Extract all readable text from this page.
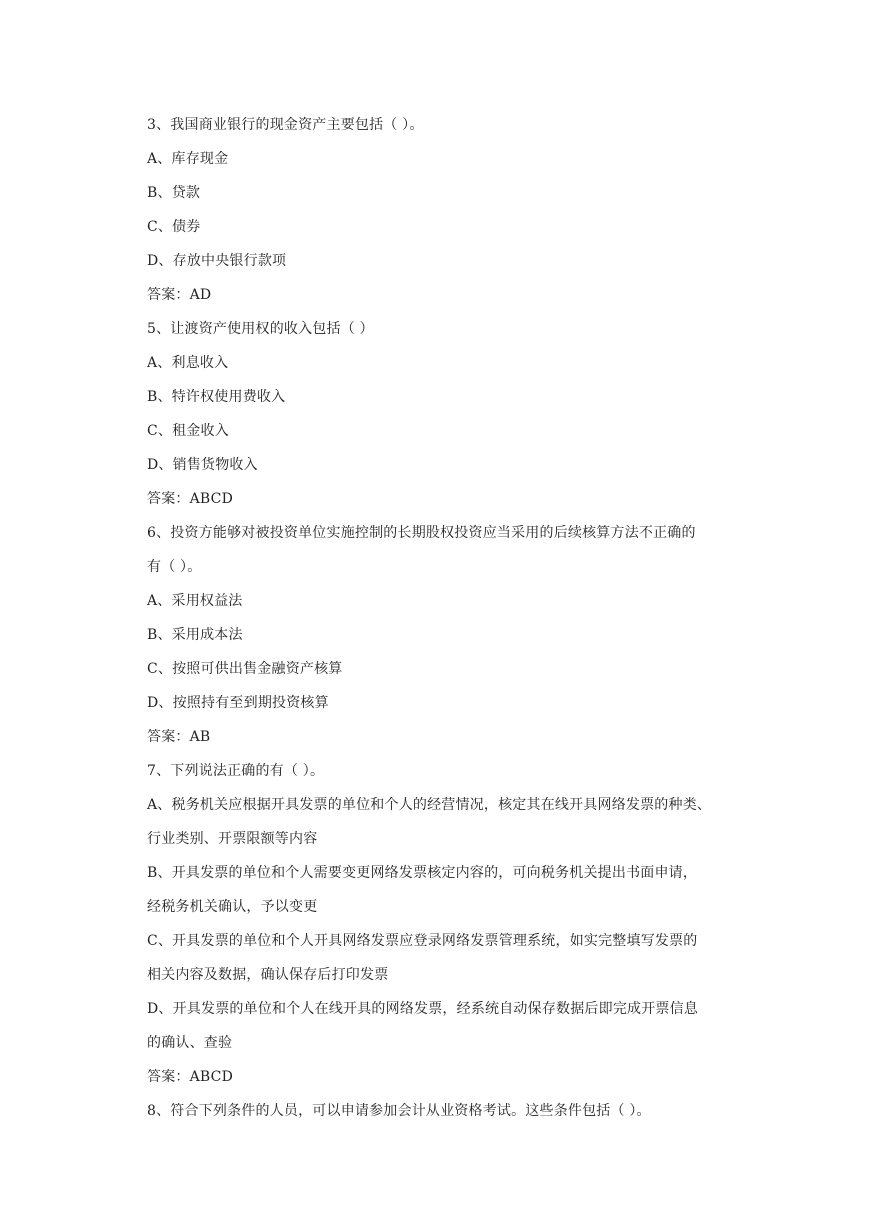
3、我国商业银行的现金资产主要包括（ ）。
A、库存现金
B、贷款
C、债券
D、存放中央银行款项
答案：AD
5、让渡资产使用权的收入包括（ ）
A、利息收入
B、特许权使用费收入
C、租金收入
D、销售货物收入
答案：ABCD
6、投资方能够对被投资单位实施控制的长期股权投资应当采用的后续核算方法不正确的
有（ ）。
A、采用权益法
B、采用成本法
C、按照可供出售金融资产核算
D、按照持有至到期投资核算
答案：AB
7、下列说法正确的有（ ）。
A、税务机关应根据开具发票的单位和个人的经营情况，核定其在线开具网络发票的种类、
行业类别、开票限额等内容
B、开具发票的单位和个人需要变更网络发票核定内容的，可向税务机关提出书面申请，
经税务机关确认，予以变更
C、开具发票的单位和个人开具网络发票应登录网络发票管理系统，如实完整填写发票的
相关内容及数据，确认保存后打印发票
D、开具发票的单位和个人在线开具的网络发票，经系统自动保存数据后即完成开票信息
的确认、查验
答案：ABCD
8、符合下列条件的人员，可以申请参加会计从业资格考试。这些条件包括（ ）。
